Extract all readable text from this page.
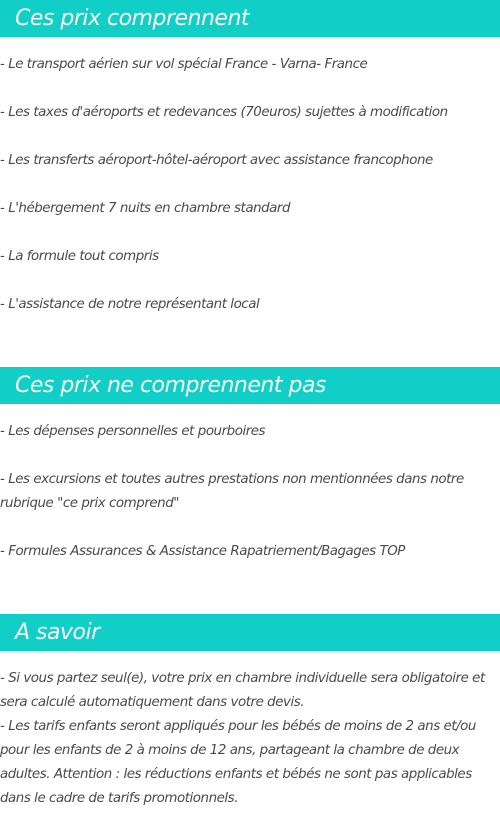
Ces prix comprennent
- Le transport aérien sur vol spécial France - Varna- France
- Les taxes d'aéroports et redevances (70euros) sujettes à modification
- Les transferts aéroport-hôtel-aéroport avec assistance francophone
- L'hébergement 7 nuits en chambre standard
- La formule tout compris
- L'assistance de notre représentant local
Ces prix ne comprennent pas
- Les dépenses personnelles et pourboires
- Les excursions et toutes autres prestations non mentionnées dans notre rubrique "ce prix comprend"
- Formules Assurances & Assistance Rapatriement/Bagages TOP
A savoir
- Si vous partez seul(e), votre prix en chambre individuelle sera obligatoire et sera calculé automatiquement dans votre devis.
- Les tarifs enfants seront appliqués pour les bébés de moins de 2 ans et/ou pour les enfants de 2 à moins de 12 ans, partageant la chambre de deux adultes. Attention : les réductions enfants et bébés ne sont pas applicables dans le cadre de tarifs promotionnels.
